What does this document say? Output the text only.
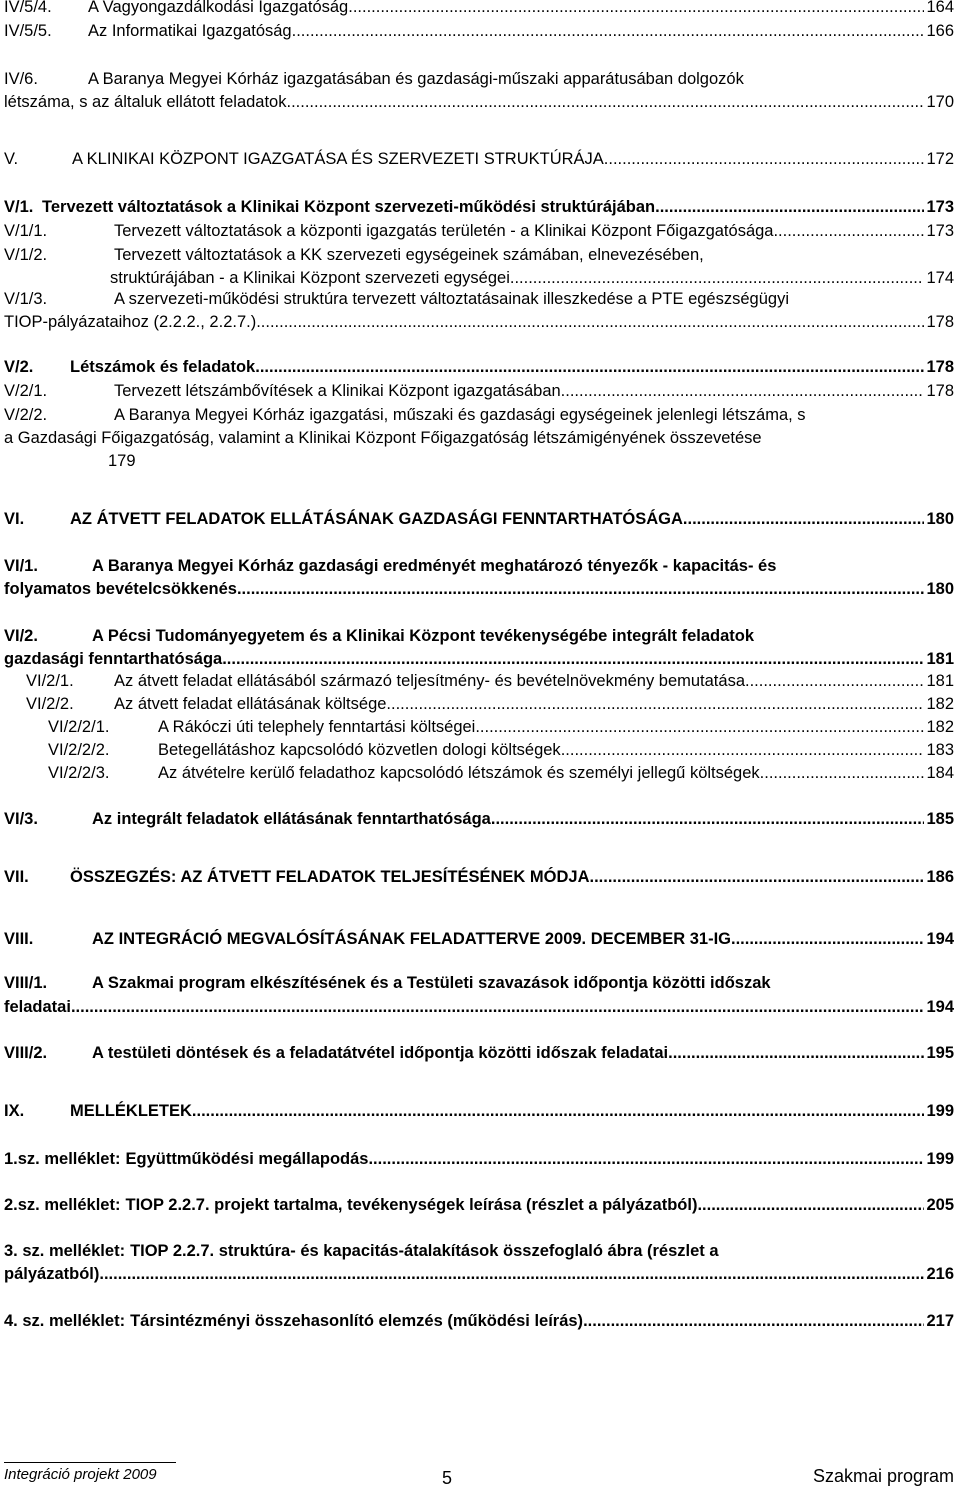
IV/5/4.	A Vagyongazdálkodási Igazgatóság .....	164
IV/5/5.	Az Informatikai Igazgatóság .....	166
IV/6.	A Baranya Megyei Kórház igazgatásában és gazdasági-műszaki apparátusában dolgozók
létszáma, s az általuk ellátott feladatok .....	170
V.	A KLINIKAI KÖZPONT IGAZGATÁSA ÉS SZERVEZETI STRUKTÚRÁJA .....	172
V/1. Tervezett változtatások a Klinikai Központ szervezeti-működési struktúrájában .....	173
V/1/1.	Tervezett változtatások a központi igazgatás területén - a Klinikai Központ Főigazgatósága .....	173
V/1/2.	Tervezett változtatások a KK szervezeti egységeinek számában, elnevezésében,
struktúrájában - a Klinikai Központ szervezeti egységei .....	174
V/1/3.	A szervezeti-működési struktúra tervezett változtatásainak illeszkedése a PTE egészségügyi
TIOP-pályázataihoz (2.2.2., 2.2.7.) .....	178
V/2.	Létszámok és feladatok .....	178
V/2/1.	Tervezett létszámbővítések a Klinikai Központ igazgatásában .....	178
V/2/2.	A Baranya Megyei Kórház igazgatási, műszaki és gazdasági egységeinek jelenlegi létszáma, s
a Gazdasági Főigazgatóság, valamint a Klinikai Központ Főigazgatóság létszámigényének összevetése
179
VI.	AZ ÁTVETT FELADATOK ELLÁTÁSÁNAK GAZDASÁGI FENNTARTHATÓSÁGA .....	180
VI/1.	A Baranya Megyei Kórház gazdasági eredményét meghatározó tényezők - kapacitás- és
folyamatos bevételcsökkenés .....	180
VI/2.	A Pécsi Tudományegyetem és a Klinikai Központ tevékenységébe integrált feladatok
gazdasági fenntarthatósága .....	181
VI/2/1.	Az átvett feladat ellátásából származó teljesítmény- és bevételnövekmény bemutatása .....	181
VI/2/2.	Az átvett feladat ellátásának költsége .....	182
VI/2/2/1.	A Rákóczi úti telephely fenntartási költségei .....	182
VI/2/2/2.	Betegellátáshoz kapcsolódó közvetlen dologi költségek .....	183
VI/2/2/3.	Az átvételre kerülő feladathoz kapcsolódó létszámok és személyi jellegű költségek .....	184
VI/3.	Az integrált feladatok ellátásának fenntarthatósága .....	185
VII.	ÖSSZEGZÉS: AZ ÁTVETT FELADATOK TELJESÍTÉSÉNEK MÓDJA .....	186
VIII.	AZ INTEGRÁCIÓ MEGVALÓSÍTÁSÁNAK FELADATTERVE 2009. DECEMBER 31-IG .....	194
VIII/1.	A Szakmai program elkészítésének és a Testületi szavazások időpontja közötti időszak
feladatai .....	194
VIII/2.	A testületi döntések és a feladatátvétel időpontja közötti időszak feladatai .....	195
IX.	MELLÉKLETEK .....	199
1.sz. melléklet: Együttműködési megállapodás .....	199
2.sz. melléklet: TIOP 2.2.7. projekt tartalma, tevékenységek leírása (részlet a pályázatból) .....	205
3. sz. melléklet: TIOP 2.2.7. struktúra- és kapacitás-átalakítások összefoglaló ábra (részlet a
pályázatból) .....	216
4. sz. melléklet: Társintézményi összehasonlító elemzés (működési leírás) .....	217
Integráció projekt 2009	5	Szakmai program
